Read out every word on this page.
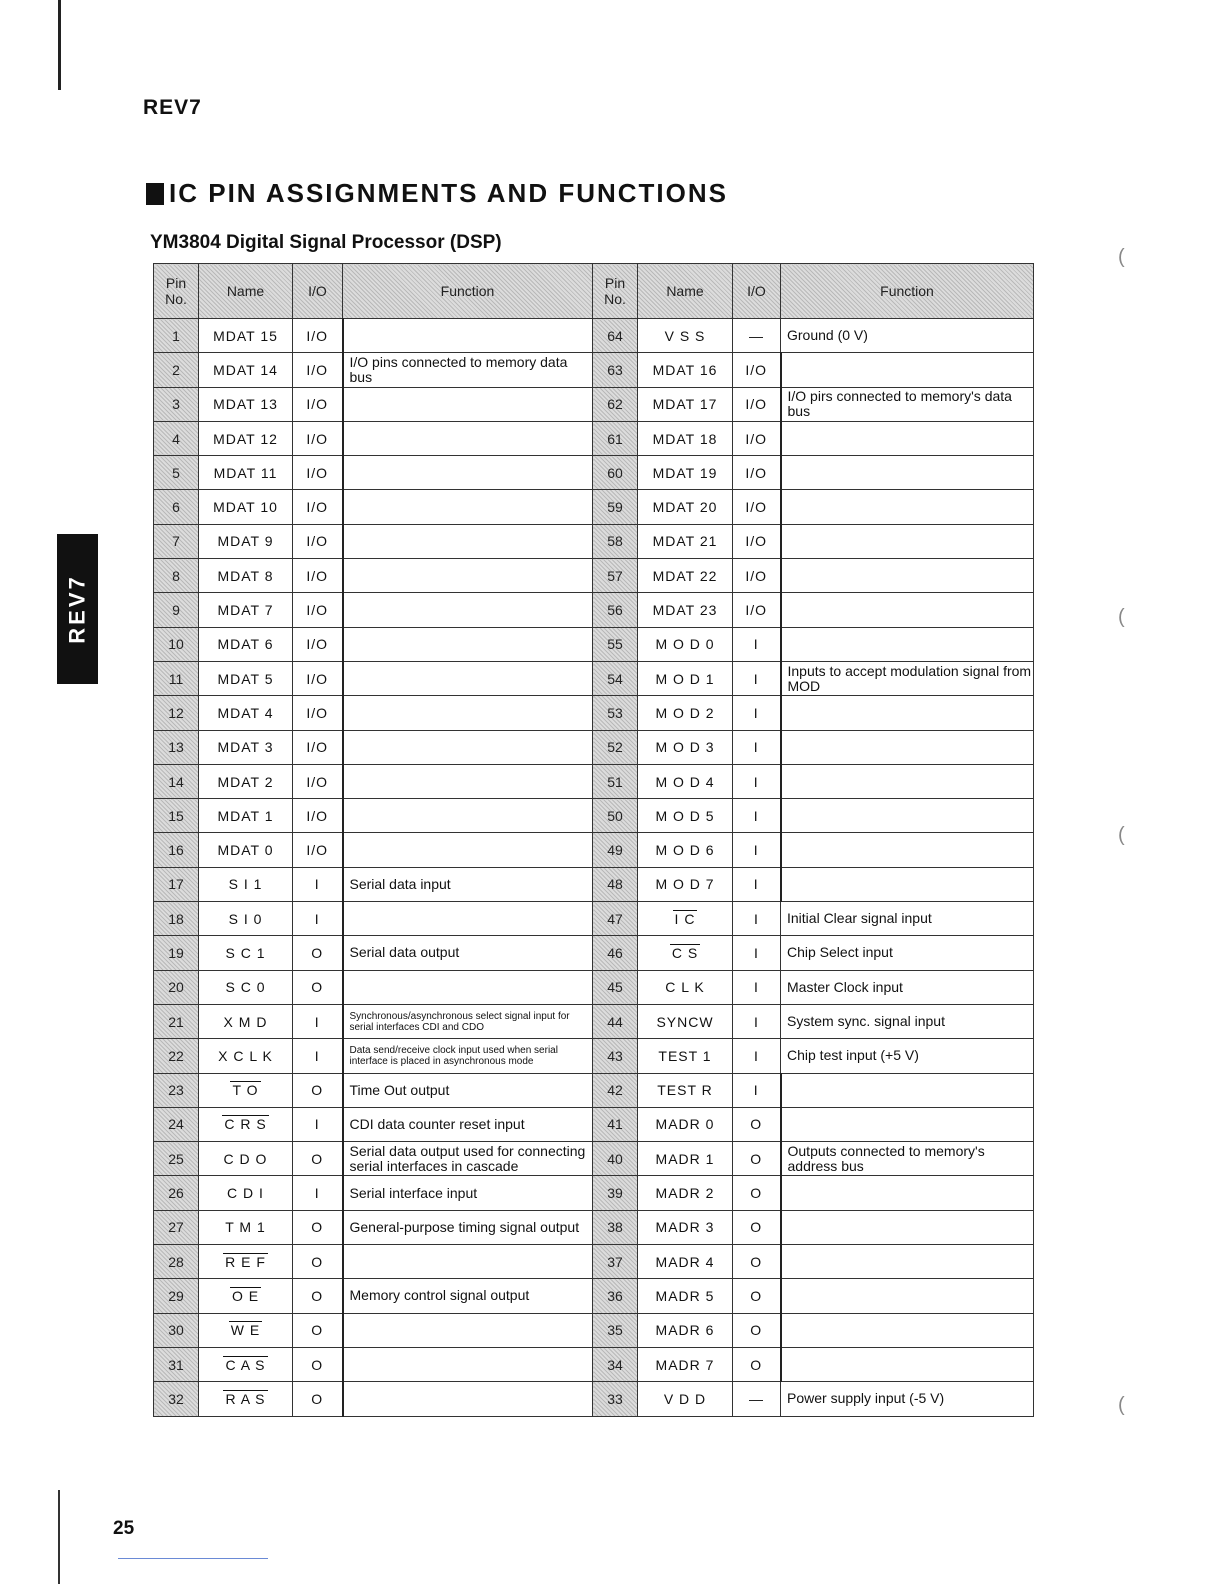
REV7
REV7
IC PIN ASSIGNMENTS AND FUNCTIONS
YM3804 Digital Signal Processor (DSP)
Pin No.	Name	I/O	Function	Pin No.	Name	I/O	Function
1	MDAT 15	I/O		64	V S S	—	Ground (0 V)
2	MDAT 14	I/O	I/O pins connected to memory data bus	63	MDAT 16	I/O	
3	MDAT 13	I/O		62	MDAT 17	I/O	I/O pirs connected to memory's data bus
4	MDAT 12	I/O		61	MDAT 18	I/O	
5	MDAT 11	I/O		60	MDAT 19	I/O	
6	MDAT 10	I/O		59	MDAT 20	I/O	
7	MDAT 9	I/O		58	MDAT 21	I/O	
8	MDAT 8	I/O		57	MDAT 22	I/O	
9	MDAT 7	I/O		56	MDAT 23	I/O	
10	MDAT 6	I/O		55	M O D 0	I	
11	MDAT 5	I/O		54	M O D 1	I	Inputs to accept modulation signal from MOD
12	MDAT 4	I/O		53	M O D 2	I	
13	MDAT 3	I/O		52	M O D 3	I	
14	MDAT 2	I/O		51	M O D 4	I	
15	MDAT 1	I/O		50	M O D 5	I	
16	MDAT 0	I/O		49	M O D 6	I	
17	S I 1	I	Serial data input	48	M O D 7	I	
18	S I 0	I		47	I C	I	Initial Clear signal input
19	S C 1	O	Serial data output	46	C S	I	Chip Select input
20	S C 0	O		45	C L K	I	Master Clock input
21	X M D	I	Synchronous/asynchronous select signal input for serial interfaces CDI and CDO	44	SYNCW	I	System sync. signal input
22	X C L K	I	Data send/receive clock input used when serial interface is placed in asynchronous mode	43	TEST 1	I	Chip test input (+5 V)
23	T O	O	Time Out output	42	TEST R	I	
24	C R S	I	CDI data counter reset input	41	MADR 0	O	
25	C D O	O	Serial data output used for connecting serial interfaces in cascade	40	MADR 1	O	Outputs connected to memory's address bus
26	C D I	I	Serial interface input	39	MADR 2	O	
27	T M 1	O	General-purpose timing signal output	38	MADR 3	O	
28	R E F	O		37	MADR 4	O	
29	O E	O	Memory control signal output	36	MADR 5	O	
30	W E	O		35	MADR 6	O	
31	C A S	O		34	MADR 7	O	
32	R A S	O		33	V D D	—	Power supply input (-5 V)
25
(
(
(
(
